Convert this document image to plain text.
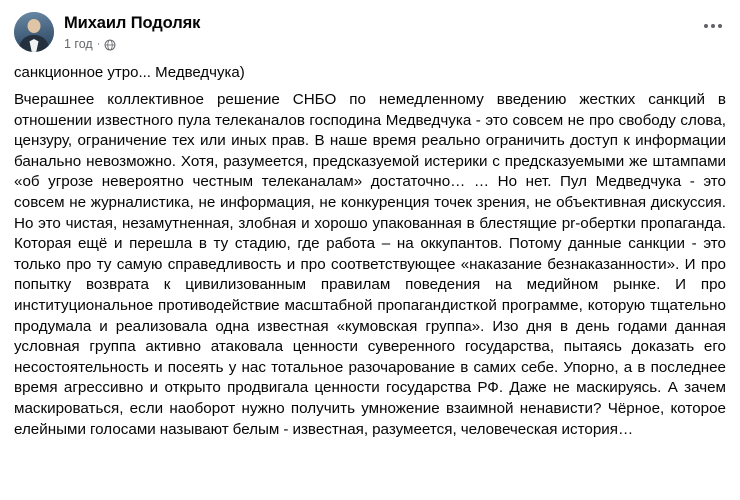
Михаил Подоляк
1 год ·
санкционное утро... Медведчука)
Вчерашнее коллективное решение СНБО по немедленному введению жестких санкций в отношении известного пула телеканалов господина Медведчука - это совсем не про свободу слова, цензуру, ограничение тех или иных прав. В наше время реально ограничить доступ к информации банально невозможно. Хотя, разумеется, предсказуемой истерики с предсказуемыми же штампами «об угрозе невероятно честным телеканалам» достаточно… … Но нет. Пул Медведчука - это совсем не журналистика, не информация, не конкуренция точек зрения, не объективная дискуссия. Но это чистая, незамутненная, злобная и хорошо упакованная в блестящие pr-обертки пропаганда. Которая ещё и перешла в ту стадию, где работа – на оккупантов. Потому данные санкции - это только про ту самую справедливость и про соответствующее «наказание безнаказанности». И про попытку возврата к цивилизованным правилам поведения на медийном рынке. И про институциональное противодействие масштабной пропагандисткой программе, которую тщательно продумала и реализовала одна известная «кумовская группа». Изо дня в день годами данная условная группа активно атаковала ценности суверенного государства, пытаясь доказать его несостоятельность и посеять у нас тотальное разочарование в самих себе. Упорно, а в последнее время агрессивно и открыто продвигала ценности государства РФ. Даже не маскируясь. А зачем маскироваться, если наоборот нужно получить умножение взаимной ненависти? Чёрное, которое елейными голосами называют белым - известная, разумеется, человеческая история…
